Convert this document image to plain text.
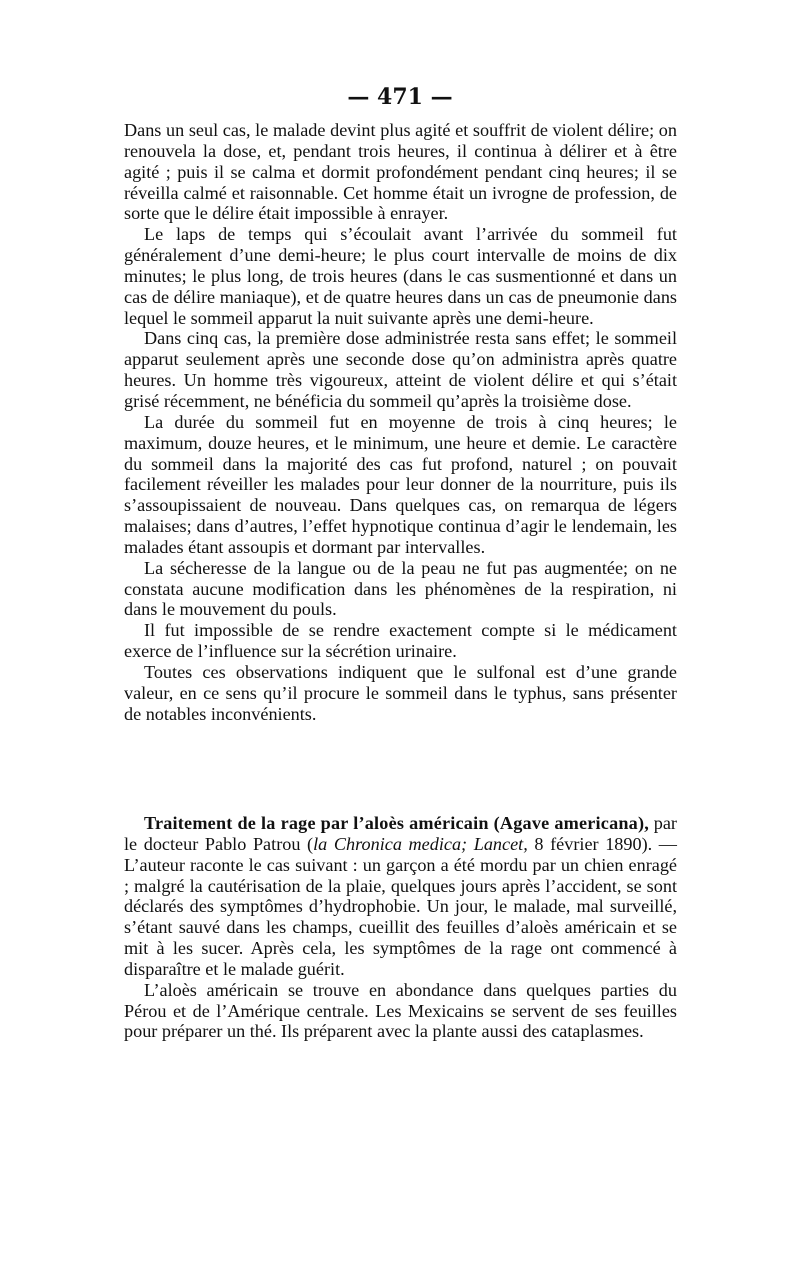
— 471 —

Dans un seul cas, le malade devint plus agité et souffrit de violent délire; on renouvela la dose, et, pendant trois heures, il continua à délirer et à être agité ; puis il se calma et dormit profondément pendant cinq heures; il se réveilla calmé et raisonnable. Cet homme était un ivrogne de profession, de sorte que le délire était impossible à enrayer.

Le laps de temps qui s’écoulait avant l’arrivée du sommeil fut généralement d’une demi-heure; le plus court intervalle de moins de dix minutes; le plus long, de trois heures (dans le cas susmentionné et dans un cas de délire maniaque), et de quatre heures dans un cas de pneumonie dans lequel le sommeil apparut la nuit suivante après une demi-heure.

Dans cinq cas, la première dose administrée resta sans effet; le sommeil apparut seulement après une seconde dose qu’on administra après quatre heures. Un homme très vigoureux, atteint de violent délire et qui s’était grisé récemment, ne bénéficia du sommeil qu’après la troisième dose.

La durée du sommeil fut en moyenne de trois à cinq heures; le maximum, douze heures, et le minimum, une heure et demie. Le caractère du sommeil dans la majorité des cas fut profond, naturel ; on pouvait facilement réveiller les malades pour leur donner de la nourriture, puis ils s’assoupissaient de nouveau. Dans quelques cas, on remarqua de légers malaises; dans d’autres, l’effet hypnotique continua d’agir le lendemain, les malades étant assoupis et dormant par intervalles.

La sécheresse de la langue ou de la peau ne fut pas augmentée; on ne constata aucune modification dans les phénomènes de la respiration, ni dans le mouvement du pouls.

Il fut impossible de se rendre exactement compte si le médicament exerce de l’influence sur la sécrétion urinaire.

Toutes ces observations indiquent que le sulfonal est d’une grande valeur, en ce sens qu’il procure le sommeil dans le typhus, sans présenter de notables inconvénients.

Traitement de la rage par l’aloès américain (Agave americana), par le docteur Pablo Patrou (la Chronica medica; Lancet, 8 février 1890). — L’auteur raconte le cas suivant : un garçon a été mordu par un chien enragé ; malgré la cautérisation de la plaie, quelques jours après l’accident, se sont déclarés des symptômes d’hydrophobie. Un jour, le malade, mal surveillé, s’étant sauvé dans les champs, cueillit des feuilles d’aloès américain et se mit à les sucer. Après cela, les symptômes de la rage ont commencé à disparaître et le malade guérit.

L’aloès américain se trouve en abondance dans quelques parties du Pérou et de l’Amérique centrale. Les Mexicains se servent de ses feuilles pour préparer un thé. Ils préparent avec la plante aussi des cataplasmes.
